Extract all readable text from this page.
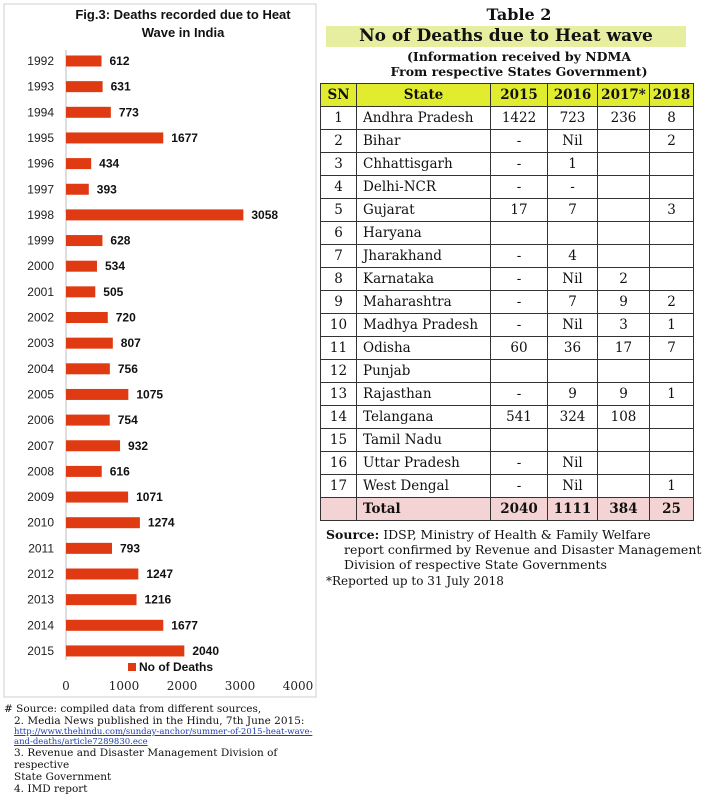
1992	612
1993	631
1994	773
1995	1677
1996	434
1997	393
1998	3058
1999	628
2000	534
2001	505
2002	720
2003	807
2004	756
2005	1075
2006	754
2007	932
2008	616
2009	1071
2010	1274
2011	793
2012	1247
2013	1216
2014	1677
2015	2040
No of Deaths
0	1000 2000 3000 4000
Fig.3: Deaths recorded due to Heat Wave in India
# Source: compiled data from different sources,
2. Media News published in the Hindu, 7th June 2015:
http://www.thehindu.com/sunday-anchor/summer-of-2015-heat-wave-and-deaths/article7289830.ece
3. Revenue and Disaster Management Division of respective
State Government
4. IMD report
Table 2
No of Deaths due to Heat wave
(Information received by NDMA
From respective States Government)
SN	State	2015	2016	2017*	2018
1	Andhra Pradesh	1422	723	236	8
2	Bihar	-	Nil		2
3	Chhattisgarh	-	1		
4	Delhi-NCR	-	-		
5	Gujarat	17	7		3
6	Haryana				
7	Jharakhand	-	4		
8	Karnataka	-	Nil	2	
9	Maharashtra	-	7	9	2
10	Madhya Pradesh	-	Nil	3	1
11	Odisha	60	36	17	7
12	Punjab				
13	Rajasthan	-	9	9	1
14	Telangana	541	324	108	
15	Tamil Nadu				
16	Uttar Pradesh	-	Nil		
17	West Dengal	-	Nil		1
	Total	2040	1111	384	25
Source: IDSP, Ministry of Health & Family Welfare
report confirmed by Revenue and Disaster Management
Division of respective State Governments
*Reported up to 31 July 2018
